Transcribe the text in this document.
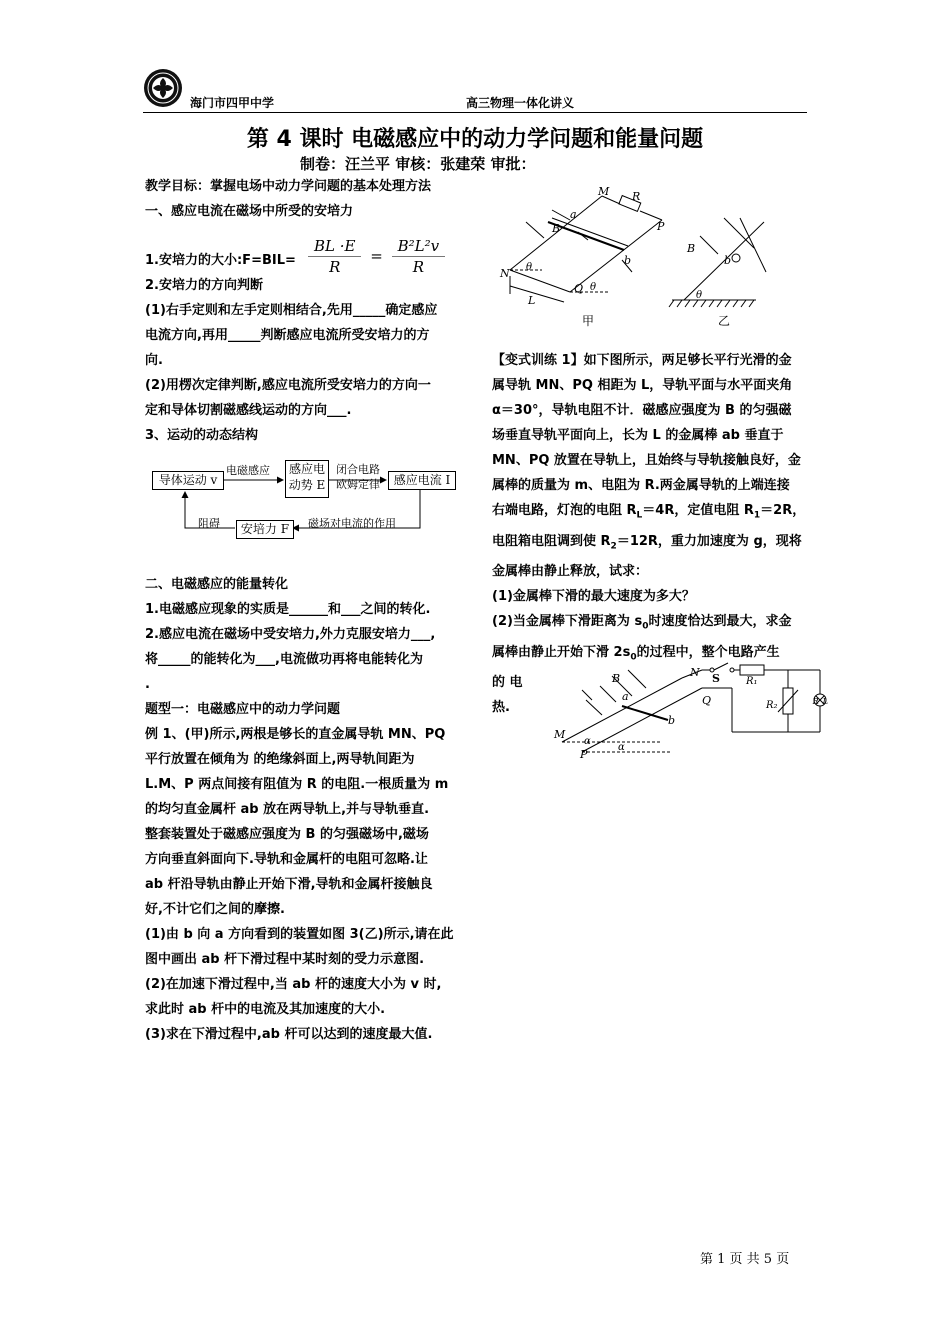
海门市四甲中学	高三物理一体化讲义
第 4 课时 电磁感应中的动力学问题和能量问题
制卷：汪兰平 审核：张建荣 审批：
教学目标：掌握电场中动力学问题的基本处理方法
一、感应电流在磁场中所受的安培力
1.安培力的大小:F=BIL= $\frac{BL \cdot E}{R} = \frac{\text{B²L²v}}{R}$
2.安培力的方向判断
(1)右手定则和左手定则相结合,先用_____确定感应
电流方向,再用_____判断感应电流所受安培力的方
向.
(2)用楞次定律判断,感应电流所受安培力的方向一
定和导体切割磁感线运动的方向___.
3、运动的动态结构
导体运动 v
电磁感应 感应电
动势 E
闭合电路
欧姆定律	感应电流 I
磁场对电流的作用
安培力 F
阻碍
二、电磁感应的能量转化
1.电磁感应现象的实质是______和___之间的转化.
2.感应电流在磁场中受安培力,外力克服安培力___,
将_____的能转化为___,电流做功再将电能转化为
.
题型一：电磁感应中的动力学问题
例 1、(甲)所示,两根是够长的直金属导轨 MN、PQ
平行放置在倾角为 的绝缘斜面上,两导轨间距为
L.M、P 两点间接有阻值为 R 的电阻.一根质量为 m
的均匀直金属杆 ab 放在两导轨上,并与导轨垂直.
整套装置处于磁感应强度为 B 的匀强磁场中,磁场
方向垂直斜面向下.导轨和金属杆的电阻可忽略.让
ab 杆沿导轨由静止开始下滑,导轨和金属杆接触良
好,不计它们之间的摩擦.
(1)由 b 向 a 方向看到的装置如图 3(乙)所示,请在此
图中画出 ab 杆下滑过程中某时刻的受力示意图.
(2)在加速下滑过程中,当 ab 杆的速度大小为 v 时,
求此时 ab 杆中的电流及其加速度的大小.
(3)求在下滑过程中,ab 杆可以达到的速度最大值.
M R
P
a
B
b
N
Q
L
θ
θ
甲
B
b
θ
乙
【变式训练 1】如下图所示，两足够长平行光滑的金
属导轨 MN、PQ 相距为 L，导轨平面与水平面夹角
α＝30°，导轨电阻不计．磁感应强度为 B 的匀强磁
场垂直导轨平面向上，长为 L 的金属棒 ab 垂直于
MN、PQ 放置在导轨上，且始终与导轨接触良好，金
属棒的质量为 m、电阻为 R.两金属导轨的上端连接
右端电路，灯泡的电阻 $R_L=4R$，定值电阻 $R_1=2R$，
电阻箱电阻调到使 $R_2=12R$，重力加速度为 g，现将
金属棒由静止释放，试求：
(1)金属棒下滑的最大速度为多大？
(2)当金属棒下滑距离为 $s_0$时速度恰达到最大，求金
属棒由静止开始下滑 $2s_0$的过程中，整个电路产生
的 电
热.
N S	R₁
B
a	Q	R₂	R_L
b
M
α
α
P
第 1 页 共 5 页
